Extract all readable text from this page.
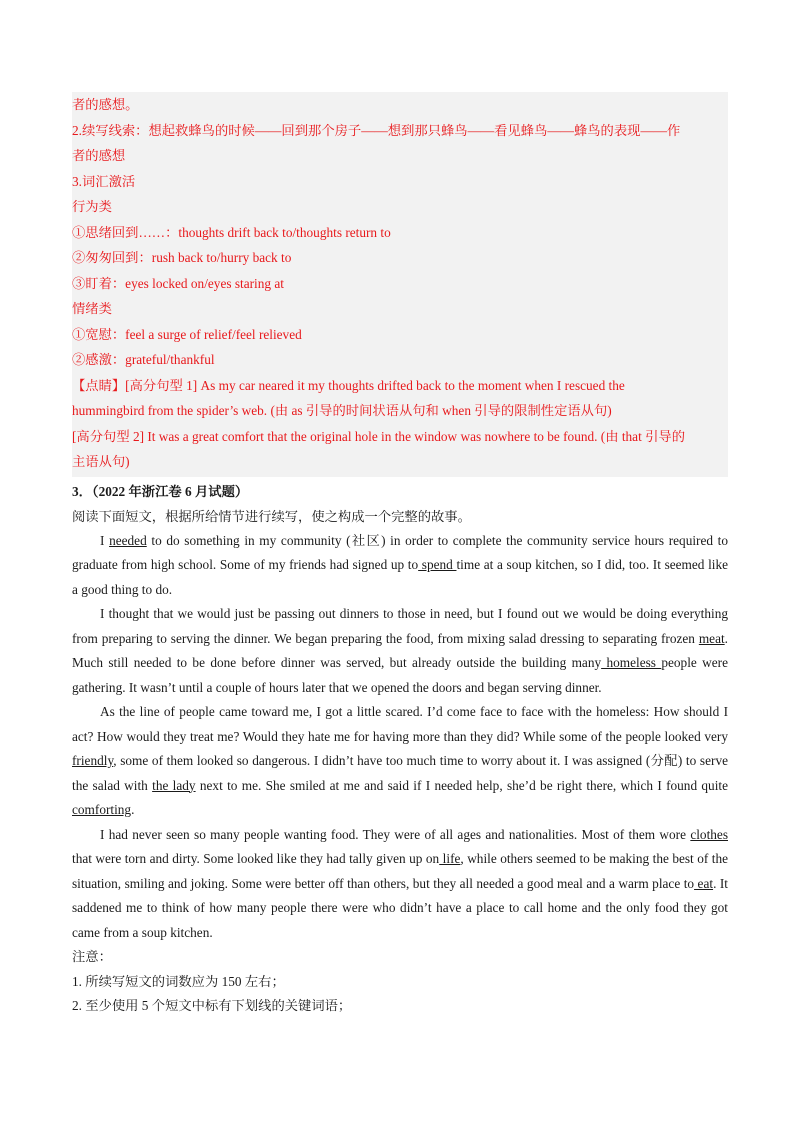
者的感想。
2.续写线索：想起救蜂鸟的时候——回到那个房子——想到那只蜂鸟——看见蜂鸟——蜂鸟的表现——作
者的感想
3.词汇激活
行为类
①思绪回到……：thoughts drift back to/thoughts return to
②匆匆回到：rush back to/hurry back to
③盯着：eyes locked on/eyes staring at
情绪类
①宽慰：feel a surge of relief/feel relieved
②感激：grateful/thankful
【点睛】[高分句型 1] As my car neared it my thoughts drifted back to the moment when I rescued the
hummingbird from the spider’s web. (由 as 引导的时间状语从句和 when 引导的限制性定语从句)
[高分句型 2] It was a great comfort that the original hole in the window was nowhere to be found. (由 that 引导的
主语从句)
3．（2022 年浙江卷 6 月试题）
阅读下面短文，根据所给情节进行续写，使之构成一个完整的故事。

I needed to do something in my community (社区) in order to complete the community service hours required to graduate from high school. Some of my friends had signed up to spend time at a soup kitchen, so I did, too. It seemed like a good thing to do.

I thought that we would just be passing out dinners to those in need, but I found out we would be doing everything from preparing to serving the dinner. We began preparing the food, from mixing salad dressing to separating frozen meat. Much still needed to be done before dinner was served, but already outside the building many homeless people were gathering. It wasn’t until a couple of hours later that we opened the doors and began serving dinner.

As the line of people came toward me, I got a little scared. I’d come face to face with the homeless: How should I act? How would they treat me? Would they hate me for having more than they did? While some of the people looked very friendly, some of them looked so dangerous. I didn’t have too much time to worry about it. I was assigned (分配) to serve the salad with the lady next to me. She smiled at me and said if I needed help, she’d be right there, which I found quite comforting.

I had never seen so many people wanting food. They were of all ages and nationalities. Most of them wore clothes that were torn and dirty. Some looked like they had tally given up on life, while others seemed to be making the best of the situation, smiling and joking. Some were better off than others, but they all needed a good meal and a warm place to eat. It saddened me to think of how many people there were who didn’t have a place to call home and the only food they got came from a soup kitchen.

注意：
1. 所续写短文的词数应为 150 左右；
2. 至少使用 5 个短文中标有下划线的关键词语；
